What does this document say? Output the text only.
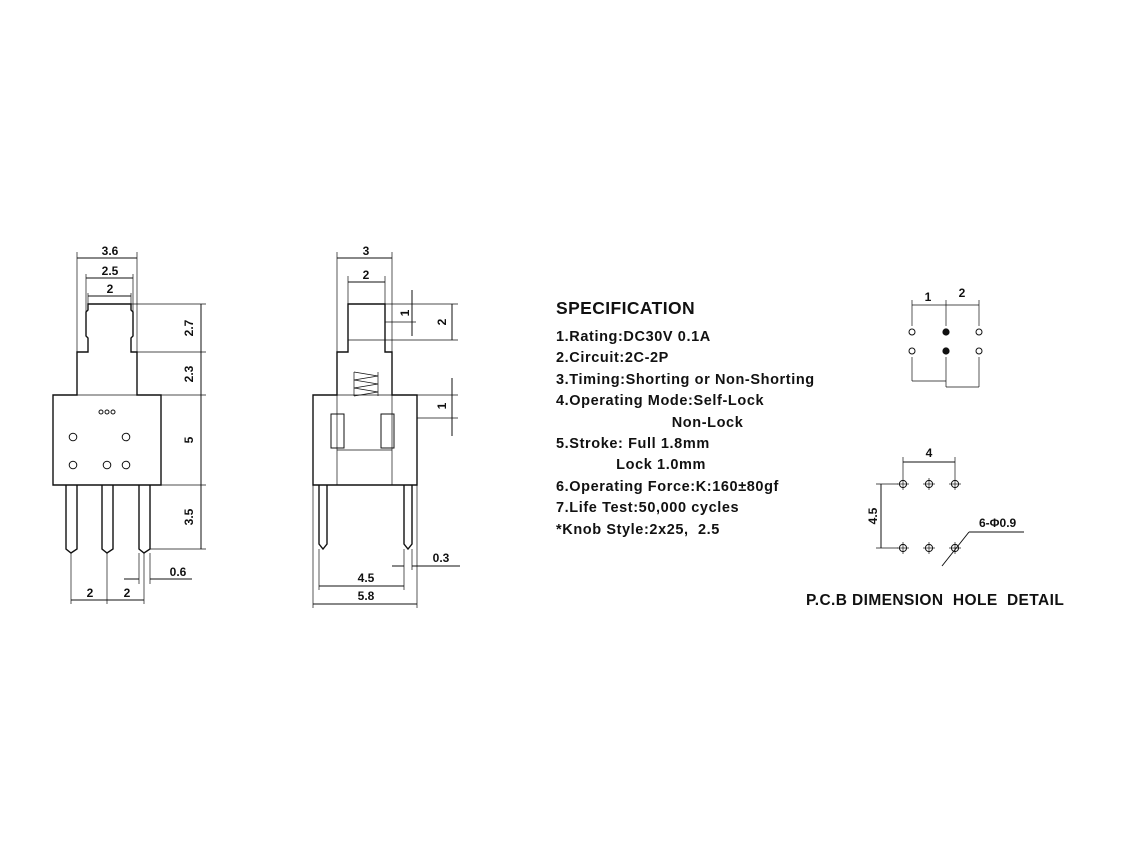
3.6
2.5
2
2.7
2.3
5
3.5
0.6
2	2
3
2
1
2
1
0.3
4.5
5.8
1 2
4
4.5	6-Φ0.9
SPECIFICATION
1.Rating:DC30V 0.1A
2.Circuit:2C-2P
3.Timing:Shorting or Non-Shorting
4.Operating Mode:Self-Lock
Non-Lock
5.Stroke: Full 1.8mm
Lock 1.0mm
6.Operating Force:K:160±80gf
7.Life Test:50,000 cycles
*Knob Style:2x25,  2.5
P.C.B DIMENSION  HOLE  DETAIL
